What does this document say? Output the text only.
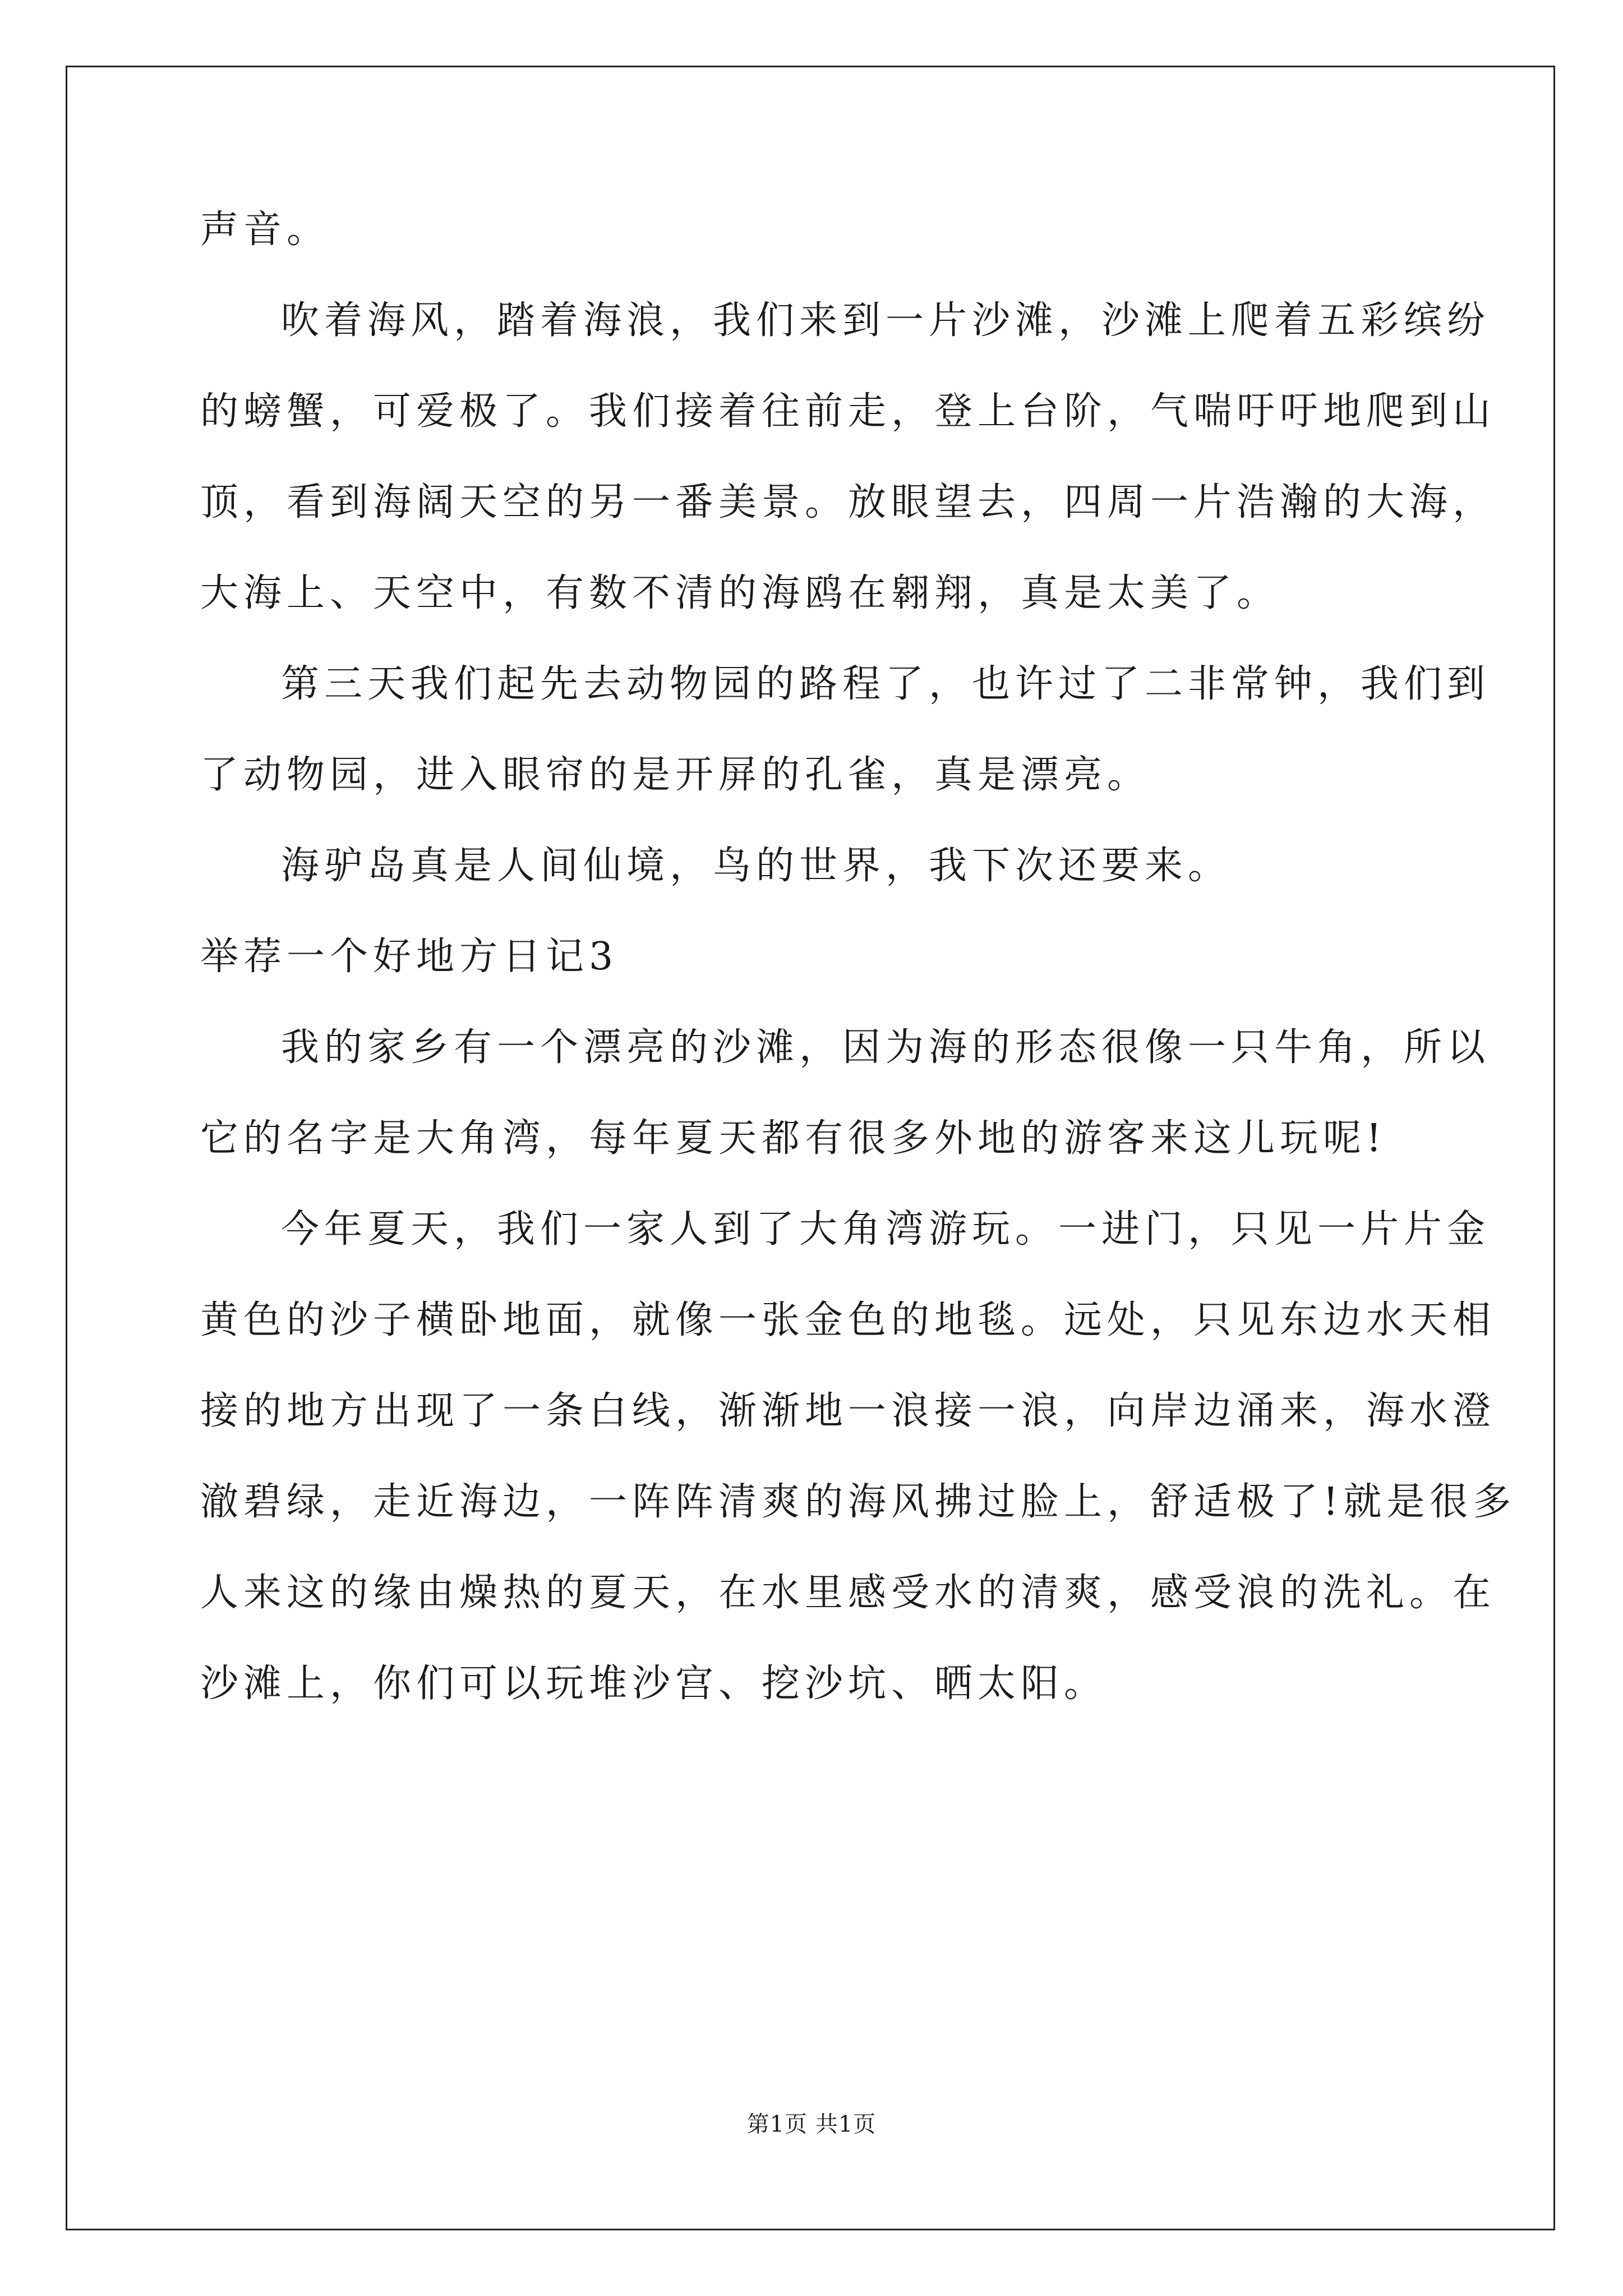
声音。
吹着海风，踏着海浪，我们来到一片沙滩，沙滩上爬着五彩缤纷
的螃蟹，可爱极了。我们接着往前走，登上台阶，气喘吁吁地爬到山
顶，看到海阔天空的另一番美景。放眼望去，四周一片浩瀚的大海，
大海上、天空中，有数不清的海鸥在翱翔，真是太美了。
第三天我们起先去动物园的路程了，也许过了二非常钟，我们到
了动物园，进入眼帘的是开屏的孔雀，真是漂亮。
海驴岛真是人间仙境，鸟的世界，我下次还要来。
举荐一个好地方日记3
我的家乡有一个漂亮的沙滩，因为海的形态很像一只牛角，所以
它的名字是大角湾，每年夏天都有很多外地的游客来这儿玩呢!
今年夏天，我们一家人到了大角湾游玩。一进门，只见一片片金
黄色的沙子横卧地面，就像一张金色的地毯。远处，只见东边水天相
接的地方出现了一条白线，渐渐地一浪接一浪，向岸边涌来，海水澄
澈碧绿，走近海边，一阵阵清爽的海风拂过脸上，舒适极了!就是很多
人来这的缘由燥热的夏天，在水里感受水的清爽，感受浪的洗礼。在
沙滩上，你们可以玩堆沙宫、挖沙坑、晒太阳。
第1页 共1页
